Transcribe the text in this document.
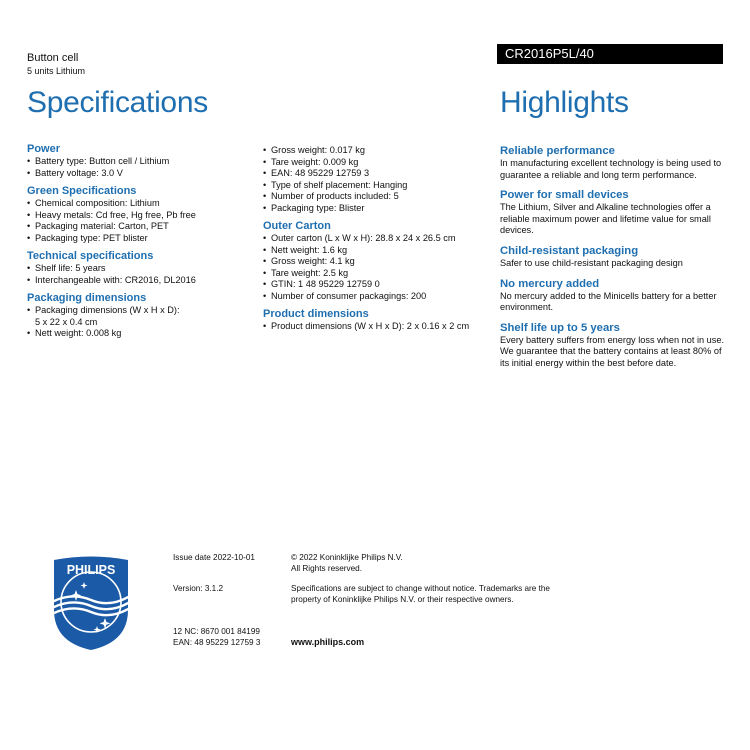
Button cell
5 units Lithium
CR2016P5L/40
Specifications	Highlights
Power
• Battery type: Button cell / Lithium
• Battery voltage: 3.0 V
Green Specifications
• Chemical composition: Lithium
• Heavy metals: Cd free, Hg free, Pb free
• Packaging material: Carton, PET
• Packaging type: PET blister
Technical specifications
• Shelf life: 5 years
• Interchangeable with: CR2016, DL2016
Packaging dimensions
• Packaging dimensions (W x H x D):
5 x 22 x 0.4 cm
• Nett weight: 0.008 kg
• Gross weight: 0.017 kg
• Tare weight: 0.009 kg
• EAN: 48 95229 12759 3
• Type of shelf placement: Hanging
• Number of products included: 5
• Packaging type: Blister
Outer Carton
• Outer carton (L x W x H): 28.8 x 24 x 26.5 cm
• Nett weight: 1.6 kg
• Gross weight: 4.1 kg
• Tare weight: 2.5 kg
• GTIN: 1 48 95229 12759 0
• Number of consumer packagings: 200
Product dimensions
• Product dimensions (W x H x D): 2 x 0.16 x 2 cm
Reliable performance

In manufacturing excellent technology is being used to guarantee a reliable and long term performance.

Power for small devices

The Lithium, Silver and Alkaline technologies offer a reliable maximum power and lifetime value for small devices.

Child-resistant packaging

Safer to use child-resistant packaging design

No mercury added

No mercury added to the Minicells battery for a better environment.

Shelf life up to 5 years

Every battery suffers from energy loss when not in use. We guarantee that the battery contains at least 80% of its initial energy within the best before date.

PHILIPS
Issue date 2022-10-01
Version: 3.1.2
12 NC: 8670 001 84199
EAN: 48 95229 12759 3
© 2022 Koninklijke Philips N.V.
All Rights reserved.
Specifications are subject to change without notice. Trademarks are the property of Koninklijke Philips N.V. or their respective owners.
www.philips.com
